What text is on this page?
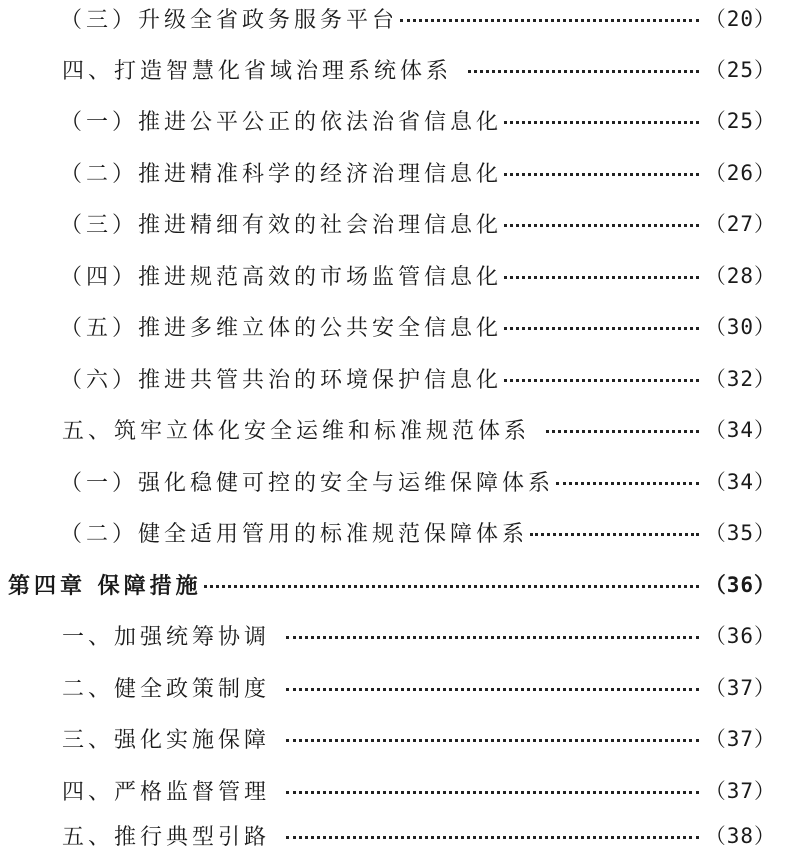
（三）升级全省政务服务平台	（20）
四、打造智慧化省域治理系统体系	（25）
（一）推进公平公正的依法治省信息化	（25）
（二）推进精准科学的经济治理信息化	（26）
（三）推进精细有效的社会治理信息化	（27）
（四）推进规范高效的市场监管信息化	（28）
（五）推进多维立体的公共安全信息化	（30）
（六）推进共管共治的环境保护信息化	（32）
五、筑牢立体化安全运维和标准规范体系	（34）
（一）强化稳健可控的安全与运维保障体系	（34）
（二）健全适用管用的标准规范保障体系	（35）
第四章 保障措施	（36）
一、加强统筹协调	（36）
二、健全政策制度	（37）
三、强化实施保障	（37）
四、严格监督管理	（37）
五、推行典型引路	（38）
